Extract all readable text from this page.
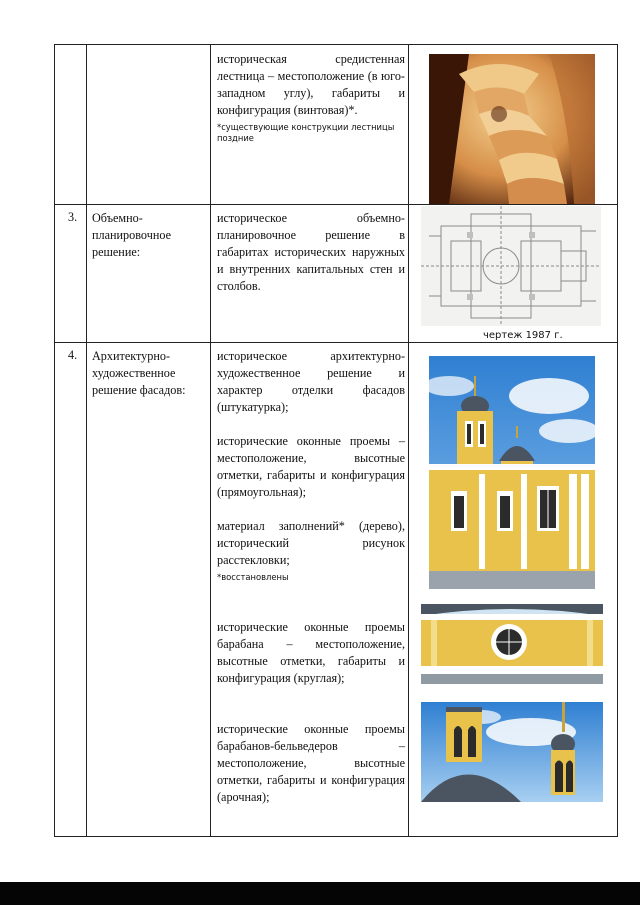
историческая средистенная лестница – местоположение (в юго-западном углу), габариты и конфигурация (винтовая)*.
*существующие конструкции лестницы поздние
3. Объемно-планировочное решение:
историческое объемно-планировочное решение в габаритах исторических наружных и внутренних капитальных стен и столбов.
чертеж 1987 г.
4. Архитектурно-художественное решение фасадов:
историческое архитектурно-художественное решение и характер отделки фасадов (штукатурка);
исторические оконные проемы – местоположение, высотные отметки, габариты и конфигурация (прямоугольная);
материал заполнений* (дерево), исторический рисунок расстекловки;
*восстановлены
исторические оконные проемы барабана – местоположение, высотные отметки, габариты и конфигурация (круглая);
исторические оконные проемы барабанов-бельведеров – местоположение, высотные отметки, габариты и конфигурация (арочная);
